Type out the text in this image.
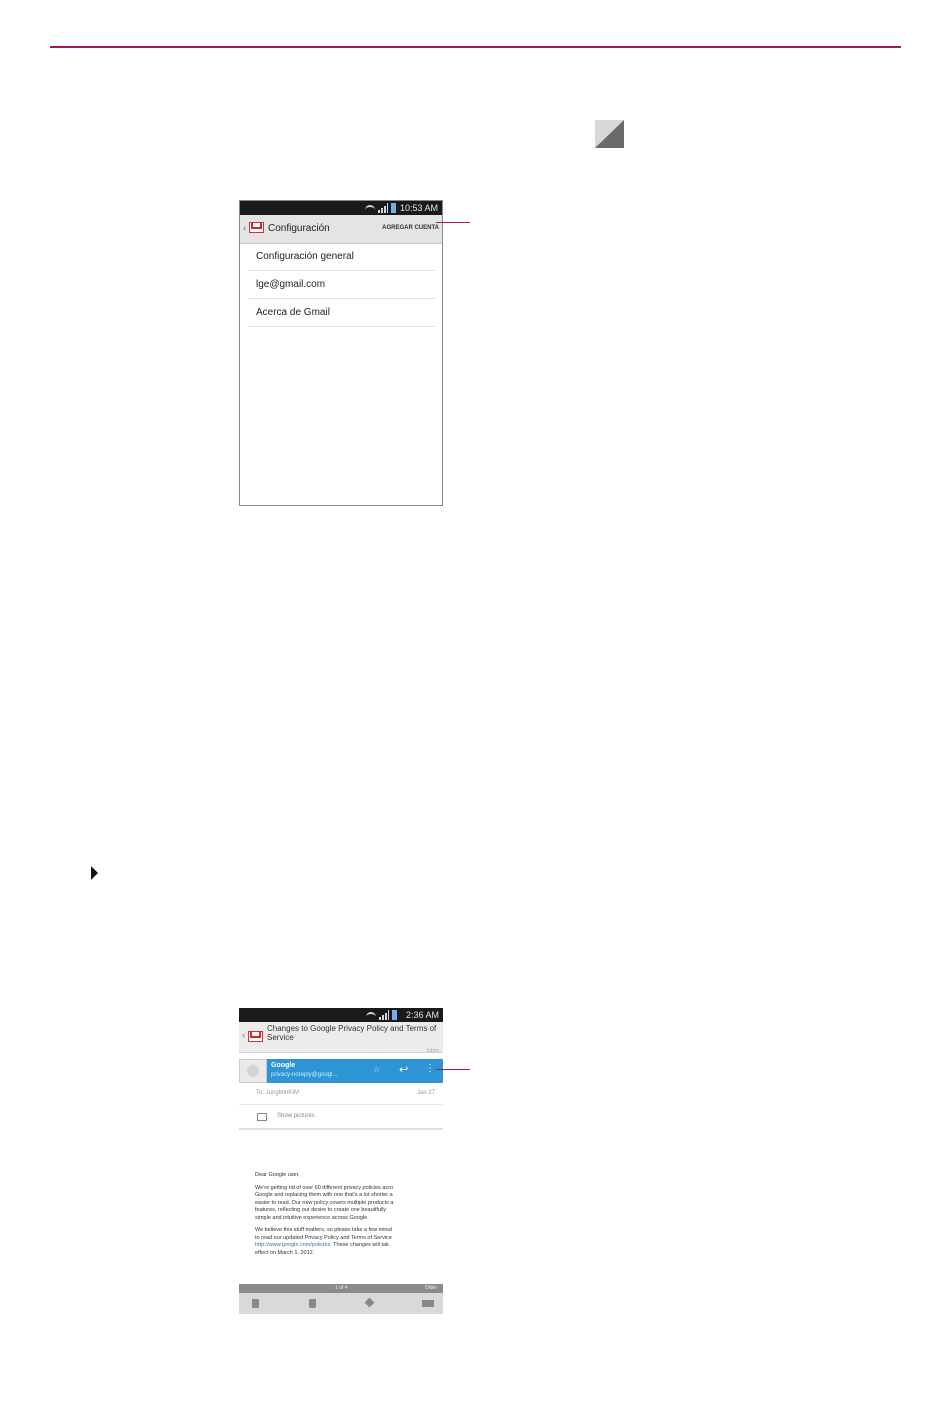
10:53 AM
‹ Configuración	AGREGAR CUENTA
Configuración general
lge@gmail.com
Acerca de Gmail
2:36 AM
‹
Changes to Google Privacy Policy and Terms of Service
Inbox
Google
privacy-noreply@googl...
☆ ↩ ⋮
To: JungMinKIM	Jan 27
Show pictures

Dear Google user,

We're getting rid of over 60 different privacy policies acro
Google and replacing them with one that's a lot shorter a
easier to read. Our new policy covers multiple products a
features, reflecting our desire to create one beautifully
simple and intuitive experience across Google.

We believe this stuff matters, so please take a few minut
to read our updated Privacy Policy and Terms of Service
http://www.google.com/policies. These changes will tak
effect on March 1, 2012.

1 of 4	Older
